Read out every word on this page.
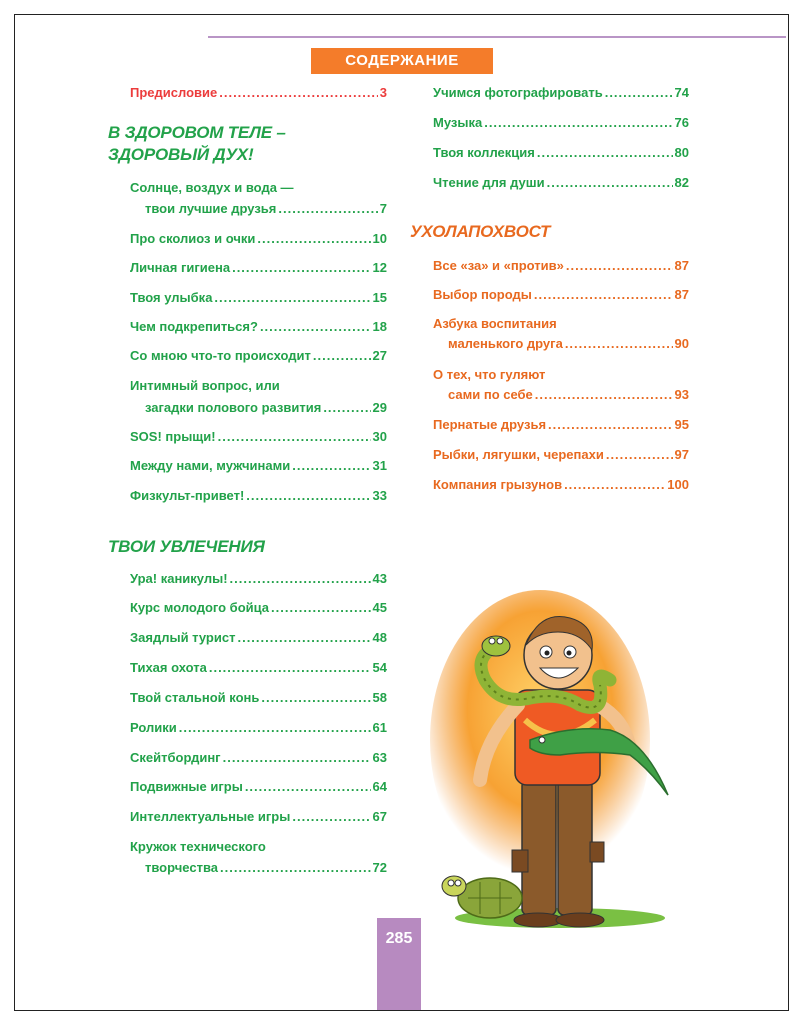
СОДЕРЖАНИЕ
Предисловие .....	3
В ЗДОРОВОМ ТЕЛЕ –
ЗДОРОВЫЙ ДУХ!
Солнце, воздух и вода —
твои лучшие друзья .....	7
Про сколиоз и очки .....	10
Личная гигиена .....	12
Твоя улыбка .....	15
Чем подкрепиться? .....	18
Со мною что-то происходит .....	27
Интимный вопрос, или
загадки полового развития .....	29
SOS! прыщи! .....	30
Между нами, мужчинами .....	31
Физкульт-привет! .....	33
ТВОИ УВЛЕЧЕНИЯ
Ура! каникулы! .....	43
Курс молодого бойца .....	45
Заядлый турист .....	48
Тихая охота .....	54
Твой стальной конь .....	58
Ролики .....	61
Скейтбординг .....	63
Подвижные игры .....	64
Интеллектуальные игры .....	67
Кружок технического
творчества .....	72
Учимся фотографировать .....	74
Музыка .....	76
Твоя коллекция .....	80
Чтение для души .....	82
УХОЛАПОХВОСТ
Все «за» и «против» .....	87
Выбор породы .....	87
Азбука воспитания
маленького друга .....	90
О тех, что гуляют
сами по себе .....	93
Пернатые друзья .....	95
Рыбки, лягушки, черепахи .....	97
Компания грызунов .....	100
285
